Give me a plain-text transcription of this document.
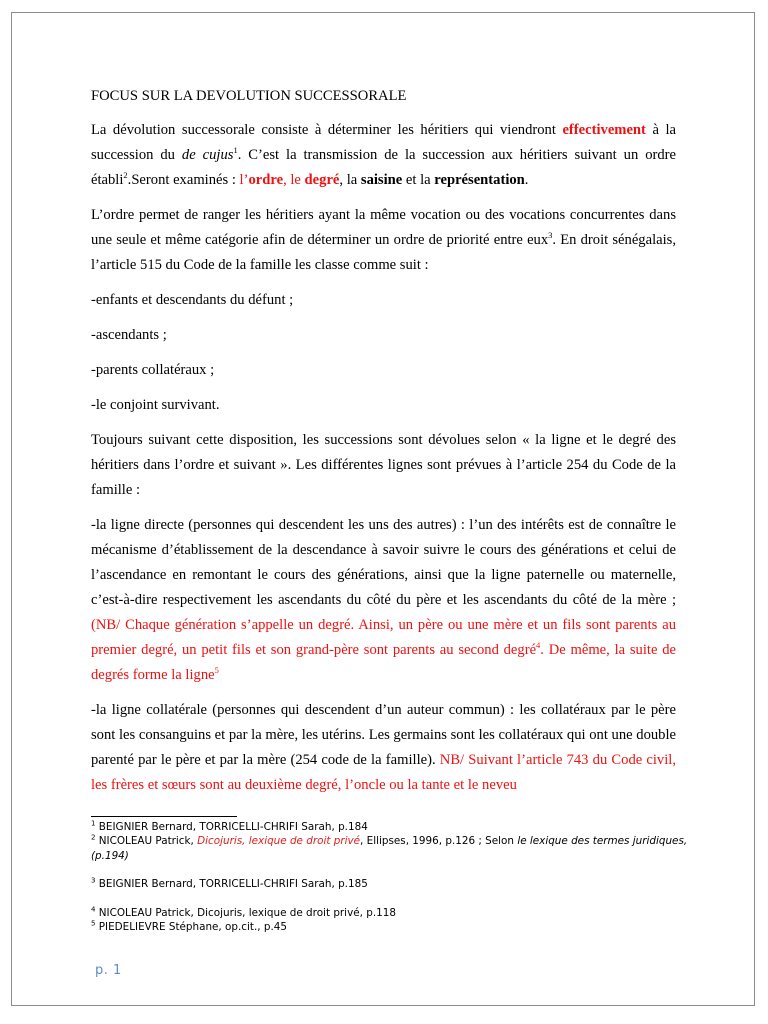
FOCUS SUR LA DEVOLUTION SUCCESSORALE

La dévolution successorale consiste à déterminer les héritiers qui viendront effectivement à la succession du de cujus$^1$. C’est la transmission de la succession aux héritiers suivant un ordre établi$^2$.Seront examinés : l’ordre, le degré, la saisine et la représentation.

L’ordre permet de ranger les héritiers ayant la même vocation ou des vocations concurrentes dans une seule et même catégorie afin de déterminer un ordre de priorité entre eux$^3$. En droit sénégalais, l’article 515 du Code de la famille les classe comme suit :

-enfants et descendants du défunt ;

-ascendants ;

-parents collatéraux ;

-le conjoint survivant.

Toujours suivant cette disposition, les successions sont dévolues selon « la ligne et le degré des héritiers dans l’ordre et suivant ». Les différentes lignes sont prévues à l’article 254 du Code de la famille :

-la ligne directe (personnes qui descendent les uns des autres) : l’un des intérêts est de connaître le mécanisme d’établissement de la descendance à savoir suivre le cours des générations et celui de l’ascendance en remontant le cours des générations, ainsi que la ligne paternelle ou maternelle, c’est-à-dire respectivement les ascendants du côté du père et les ascendants du côté de la mère ; (NB/ Chaque génération s’appelle un degré. Ainsi, un père ou une mère et un fils sont parents au premier degré, un petit fils et son grand-père sont parents au second degré$^4$. De même, la suite de degrés forme la ligne$^5$

-la ligne collatérale (personnes qui descendent d’un auteur commun) : les collatéraux par le père sont les consanguins et par la mère, les utérins. Les germains sont les collatéraux qui ont une double parenté par le père et par la mère (254 code de la famille). NB/ Suivant l’article 743 du Code civil, les frères et sœurs sont au deuxième degré, l’oncle ou la tante et le neveu

$^1$ BEIGNIER Bernard, TORRICELLI-CHRIFI Sarah, p.184

$^2$ NICOLEAU Patrick, Dicojuris, lexique de droit privé, Ellipses, 1996, p.126 ; Selon le lexique des termes juridiques, (p.194)

$^3$ BEIGNIER Bernard, TORRICELLI-CHRIFI Sarah, p.185

$^4$ NICOLEAU Patrick, Dicojuris, lexique de droit privé, p.118

$^5$ PIEDELIEVRE Stéphane, op.cit., p.45

p. 1
